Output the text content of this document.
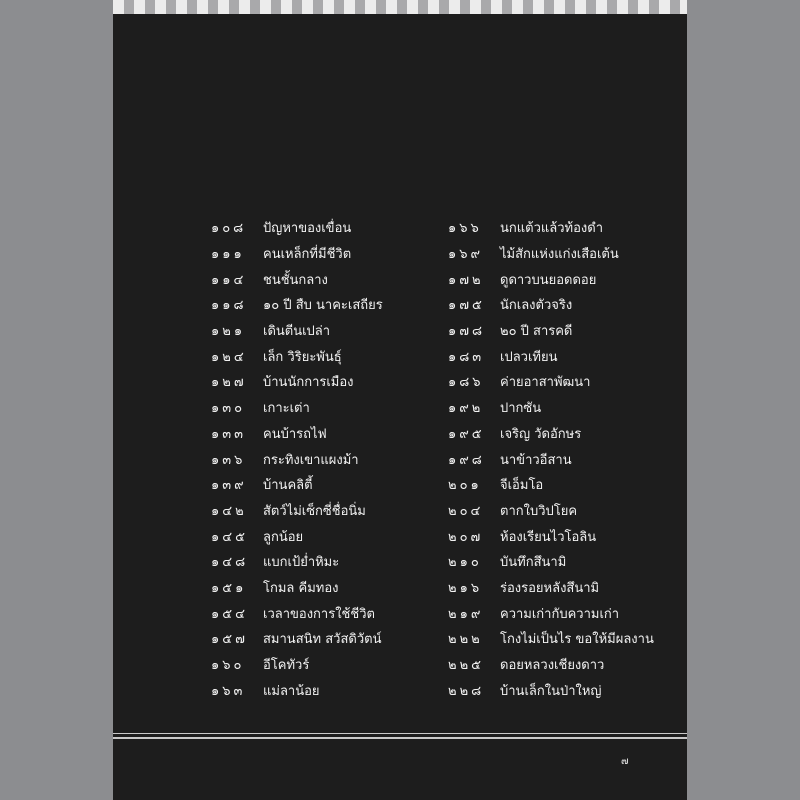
๑๐๘	ปัญหาของเขื่อน
๑๑๑	คนเหล็กที่มีชีวิต
๑๑๔	ชนชั้นกลาง
๑๑๘	๑๐ ปี สืบ นาคะเสถียร
๑๒๑	เดินตีนเปล่า
๑๒๔	เล็ก วิริยะพันธุ์
๑๒๗	บ้านนักการเมือง
๑๓๐	เกาะเต่า
๑๓๓	คนบ้ารถไฟ
๑๓๖	กระทิงเขาแผงม้า
๑๓๙	บ้านคลิตี้
๑๔๒	สัตว์ไม่เซ็กซี่ชื่อนิ่ม
๑๔๕	ลูกน้อย
๑๔๘	แบกเป้ย่ำหิมะ
๑๕๑	โกมล คีมทอง
๑๕๔	เวลาของการใช้ชีวิต
๑๕๗	สมานสนิท สวัสดิวัตน์
๑๖๐	อีโคทัวร์
๑๖๓	แม่ลาน้อย
๑๖๖	นกแต้วแล้วท้องดำ
๑๖๙	ไม้สักแห่งแก่งเสือเต้น
๑๗๒	ดูดาวบนยอดดอย
๑๗๕	นักเลงตัวจริง
๑๗๘	๒๐ ปี สารคดี
๑๘๓	เปลวเทียน
๑๘๖	ค่ายอาสาพัฒนา
๑๙๒	ปากซัน
๑๙๕	เจริญ วัดอักษร
๑๙๘	นาข้าวอีสาน
๒๐๑	จีเอ็มโอ
๒๐๔	ตากใบวิปโยค
๒๐๗	ห้องเรียนไวโอลิน
๒๑๐	บันทึกสึนามิ
๒๑๖	ร่องรอยหลังสึนามิ
๒๑๙	ความเก่ากับความเก่า
๒๒๒	โกงไม่เป็นไร ขอให้มีผลงาน
๒๒๕	ดอยหลวงเชียงดาว
๒๒๘	บ้านเล็กในป่าใหญ่
๗
